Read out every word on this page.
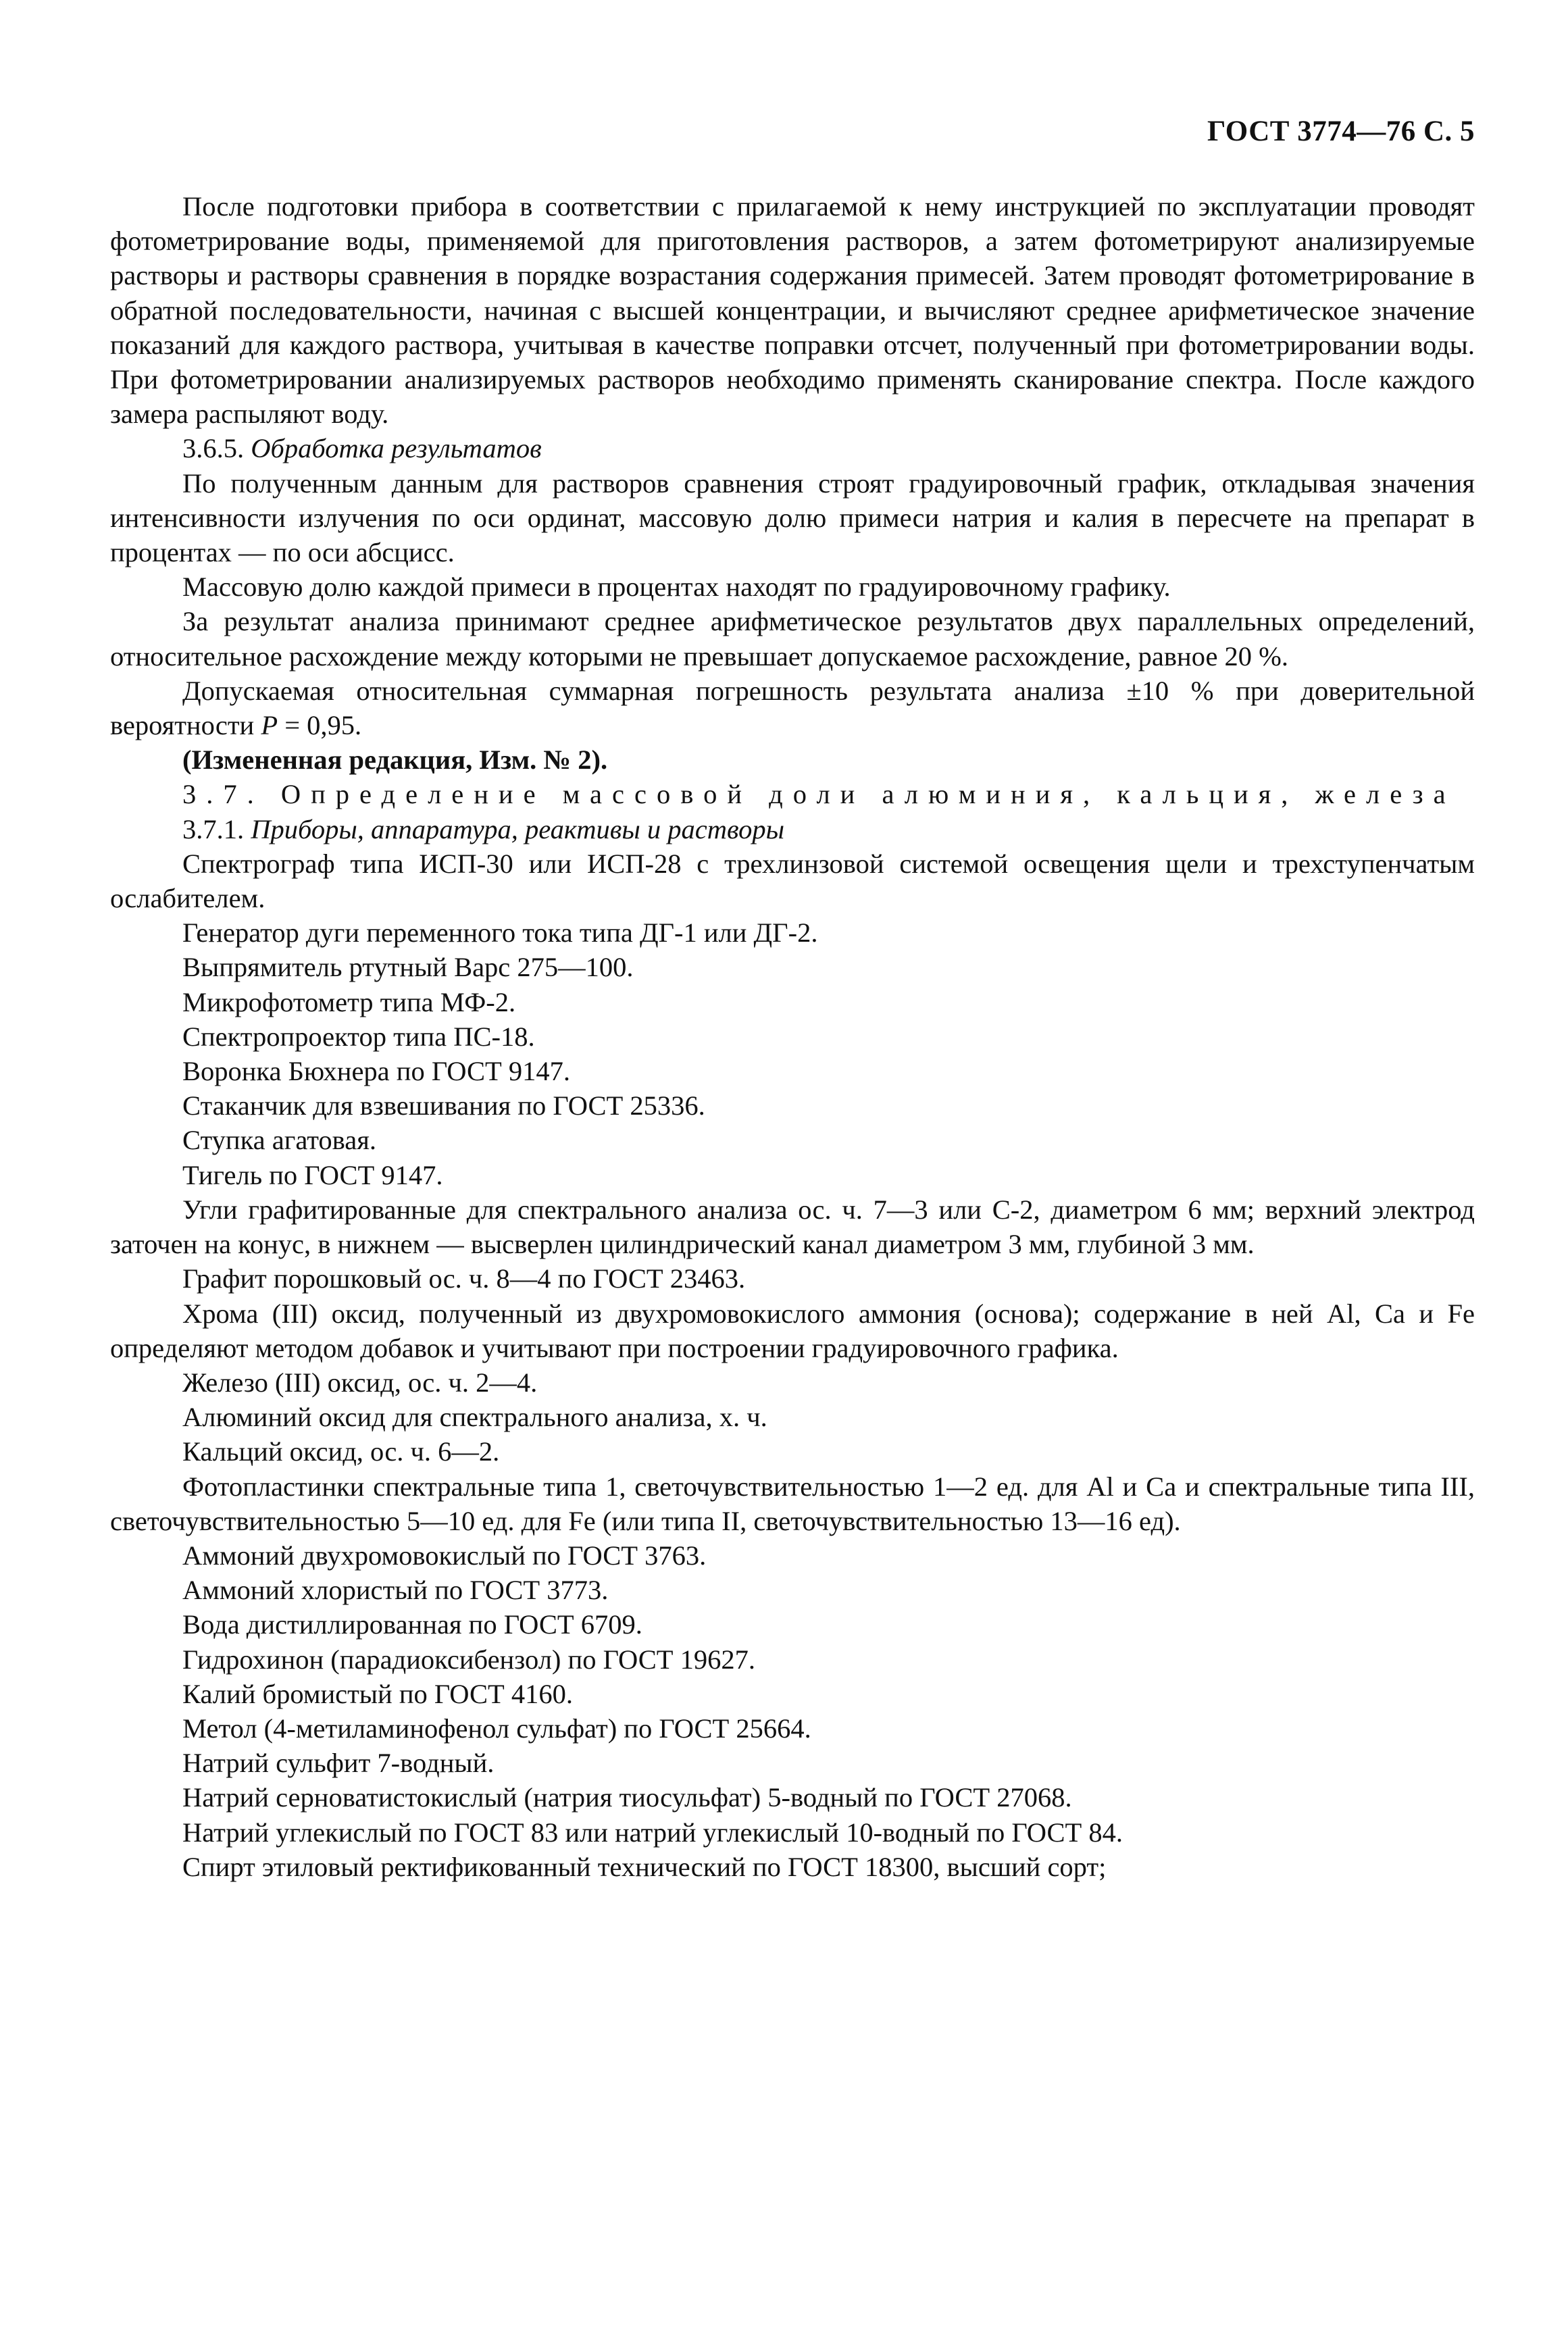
ГОСТ 3774—76 С. 5

После подготовки прибора в соответствии с прилагаемой к нему инструкцией по эксплуатации проводят фотометрирование воды, применяемой для приготовления растворов, а затем фотометрируют анализируемые растворы и растворы сравнения в порядке возрастания содержания примесей. Затем проводят фотометрирование в обратной последовательности, начиная с высшей концентрации, и вычисляют среднее арифметическое значение показаний для каждого раствора, учитывая в качестве поправки отсчет, полученный при фотометрировании воды. При фотометрировании анализируемых растворов необходимо применять сканирование спектра. После каждого замера распыляют воду.

3.6.5. Обработка результатов

По полученным данным для растворов сравнения строят градуировочный график, откладывая значения интенсивности излучения по оси ординат, массовую долю примеси натрия и калия в пересчете на препарат в процентах — по оси абсцисс.

Массовую долю каждой примеси в процентах находят по градуировочному графику.

За результат анализа принимают среднее арифметическое результатов двух параллельных определений, относительное расхождение между которыми не превышает допускаемое расхождение, равное 20 %.

Допускаемая относительная суммарная погрешность результата анализа ±10 % при доверительной вероятности P = 0,95.

(Измененная редакция, Изм. № 2).

3.7. Определение массовой доли алюминия, кальция, железа

3.7.1. Приборы, аппаратура, реактивы и растворы

Спектрограф типа ИСП-30 или ИСП-28 с трехлинзовой системой освещения щели и трехступенчатым ослабителем.

Генератор дуги переменного тока типа ДГ-1 или ДГ-2.

Выпрямитель ртутный Варс 275—100.

Микрофотометр типа МФ-2.

Спектропроектор типа ПС-18.

Воронка Бюхнера по ГОСТ 9147.

Стаканчик для взвешивания по ГОСТ 25336.

Ступка агатовая.

Тигель по ГОСТ 9147.

Угли графитированные для спектрального анализа ос. ч. 7—3 или С-2, диаметром 6 мм; верхний электрод заточен на конус, в нижнем — высверлен цилиндрический канал диаметром 3 мм, глубиной 3 мм.

Графит порошковый ос. ч. 8—4 по ГОСТ 23463.

Хрома (III) оксид, полученный из двухромовокислого аммония (основа); содержание в ней Al, Ca и Fe определяют методом добавок и учитывают при построении градуировочного графика.

Железо (III) оксид, ос. ч. 2—4.

Алюминий оксид для спектрального анализа, х. ч.

Кальций оксид, ос. ч. 6—2.

Фотопластинки спектральные типа 1, светочувствительностью 1—2 ед. для Al и Ca и спектральные типа III, светочувствительностью 5—10 ед. для Fe (или типа II, светочувствительностью 13—16 ед).

Аммоний двухромовокислый по ГОСТ 3763.

Аммоний хлористый по ГОСТ 3773.

Вода дистиллированная по ГОСТ 6709.

Гидрохинон (парадиоксибензол) по ГОСТ 19627.

Калий бромистый по ГОСТ 4160.

Метол (4-метиламинофенол сульфат) по ГОСТ 25664.

Натрий сульфит 7-водный.

Натрий серноватистокислый (натрия тиосульфат) 5-водный по ГОСТ 27068.

Натрий углекислый по ГОСТ 83 или натрий углекислый 10-водный по ГОСТ 84.

Спирт этиловый ректификованный технический по ГОСТ 18300, высший сорт;
